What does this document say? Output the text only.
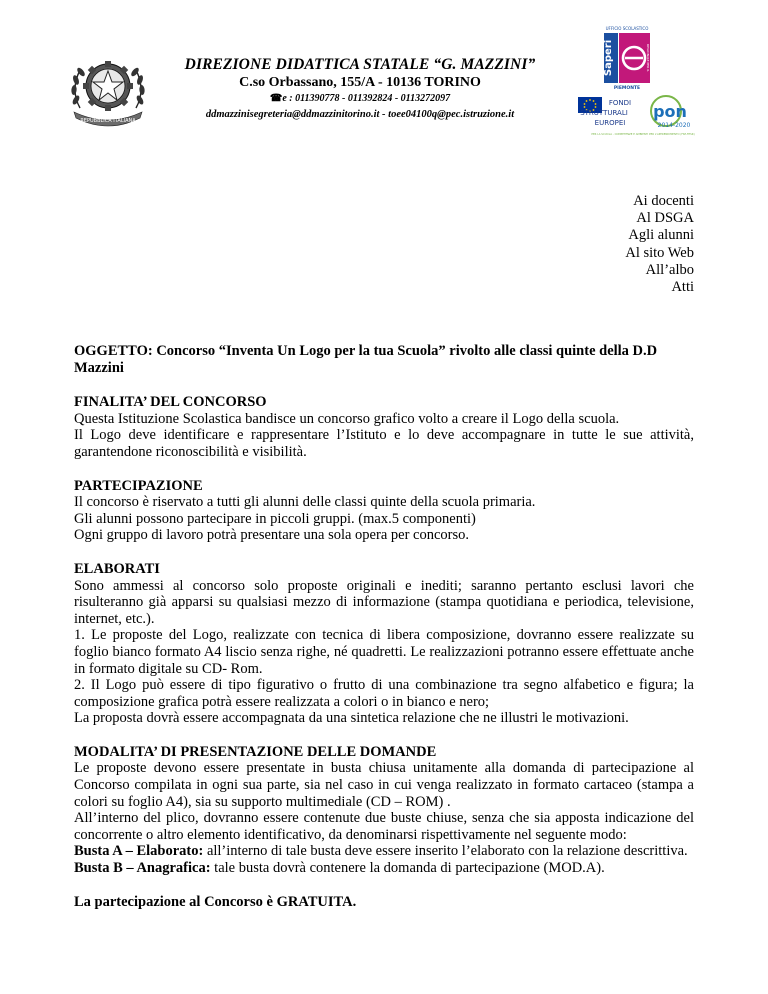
REPUBBLICA ITALIANA
DIREZIONE DIDATTICA STATALE “G. MAZZINI”
C.so Orbassano, 155/A - 10136 TORINO
☎e : 011390778 - 011392824 - 0113272097
ddmazzinisegreteria@ddmazzinitorino.it - toee04100q@pec.istruzione.it
UFFICIO SCOLASTICO
Saperi	REGIONALE PER IL
PIEMONTE
FONDI
STRUTTURALI
EUROPEI
pon
2014-2020
PER LA SCUOLA - COMPETENZE E AMBIENTI PER L'APPRENDIMENTO (FSE-FESR)
Ai docenti
Al DSGA
Agli alunni
Al sito Web
All’albo
Atti

OGGETTO: Concorso “Inventa Un Logo per la tua Scuola” rivolto alle classi quinte della D.D Mazzini

FINALITA’ DEL CONCORSO

Questa Istituzione Scolastica bandisce un concorso grafico volto a creare il Logo della scuola.

Il Logo deve identificare e rappresentare l’Istituto e lo deve accompagnare in tutte le sue attività, garantendone riconoscibilità e visibilità.

PARTECIPAZIONE

Il concorso è riservato a tutti gli alunni delle classi quinte della scuola primaria.

Gli alunni possono partecipare in piccoli gruppi. (max.5 componenti)

Ogni gruppo di lavoro potrà presentare una sola opera per concorso.

ELABORATI

Sono ammessi al concorso solo proposte originali e inediti; saranno pertanto esclusi lavori che risulteranno già apparsi su qualsiasi mezzo di informazione (stampa quotidiana e periodica, televisione, internet, etc.).

1. Le proposte del Logo, realizzate con tecnica di libera composizione, dovranno essere realizzate su foglio bianco formato A4 liscio senza righe, né quadretti. Le realizzazioni potranno essere effettuate anche in formato digitale su CD- Rom.

2. Il Logo può essere di tipo figurativo o frutto di una combinazione tra segno alfabetico e figura; la composizione grafica potrà essere realizzata a colori o in bianco e nero;

La proposta dovrà essere accompagnata da una sintetica relazione che ne illustri le motivazioni.

MODALITA’ DI PRESENTAZIONE DELLE DOMANDE

Le proposte devono essere presentate in busta chiusa unitamente alla domanda di partecipazione al Concorso compilata in ogni sua parte, sia nel caso in cui venga realizzato in formato cartaceo (stampa a colori su foglio A4), sia su supporto multimediale (CD – ROM) .

All’interno del plico, dovranno essere contenute due buste chiuse, senza che sia apposta indicazione del concorrente o altro elemento identificativo, da denominarsi rispettivamente nel seguente modo:

Busta A – Elaborato: all’interno di tale busta deve essere inserito l’elaborato con la relazione descrittiva.

Busta B – Anagrafica: tale busta dovrà contenere la domanda di partecipazione (MOD.A).

La partecipazione al Concorso è GRATUITA.
